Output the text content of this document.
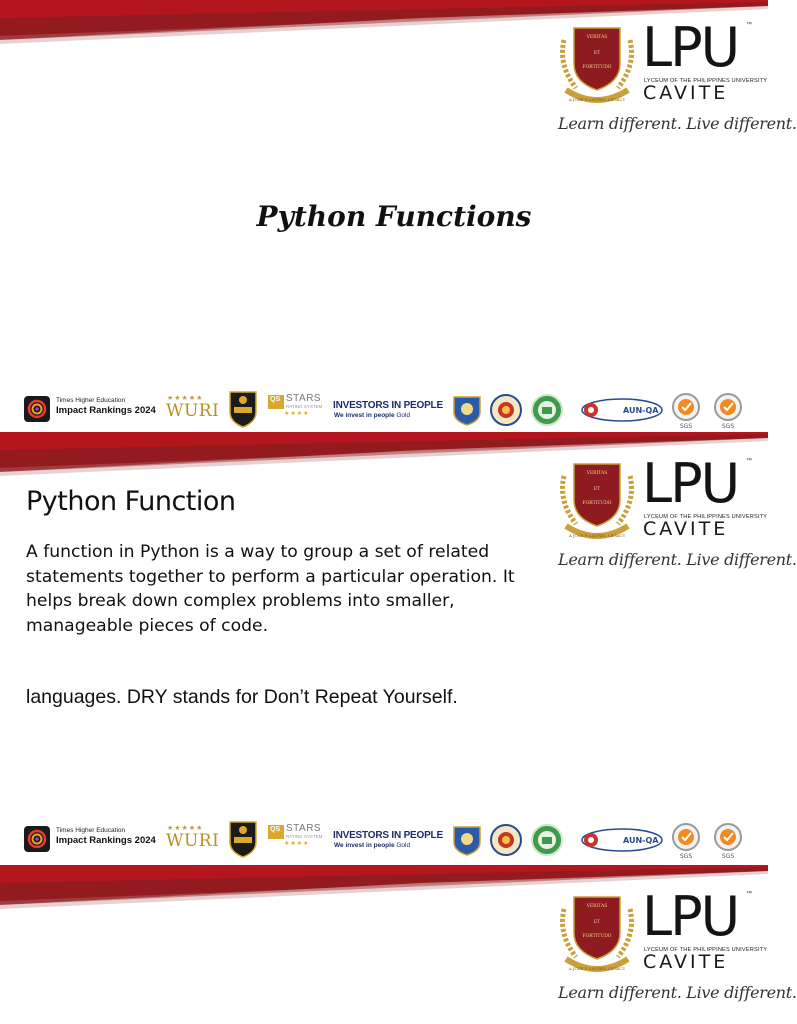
VERITAS
ET
FORTITUDO
A JOSE P. LAUREL LEGACY
LPU ™
LYCEUM OF THE PHILIPPINES UNIVERSITY
CAVITE
Learn different. Live different.
Python Functions
Times Higher Education
Impact Rankings 2024
★★★★★
WURI
QS STARS
RATING SYSTEM
★★★★
INVESTORS IN PEOPLE
We invest in people Gold
AUN-QA
SGS	SGS
VERITAS
ET
FORTITUDO
A JOSE P. LAUREL LEGACY
LPU ™
LYCEUM OF THE PHILIPPINES UNIVERSITY
CAVITE
Learn different. Live different.
Python Function
A function in Python is a way to group a set of related statements together to perform a particular operation. It helps break down complex problems into smaller, manageable pieces of code.
languages. DRY stands for Don’t Repeat Yourself.
Times Higher Education
Impact Rankings 2024
★★★★★
WURI
QS STARS
RATING SYSTEM
★★★★
INVESTORS IN PEOPLE
We invest in people Gold
AUN-QA
SGS	SGS
VERITAS
ET
FORTITUDO
A JOSE P. LAUREL LEGACY
LPU ™
LYCEUM OF THE PHILIPPINES UNIVERSITY
CAVITE
Learn different. Live different.
